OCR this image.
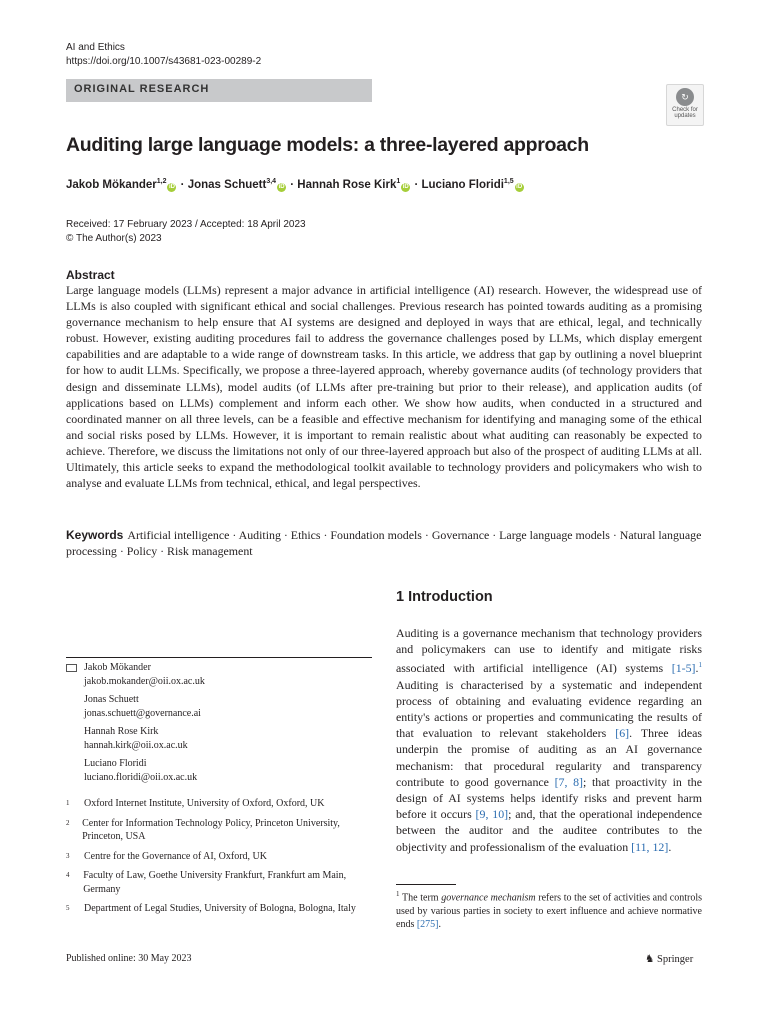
AI and Ethics
https://doi.org/10.1007/s43681-023-00289-2
ORIGINAL RESEARCH
↻
Check for
updates
Auditing large language models: a three-layered approach
Jakob Mökander$^{1,2}$iD · Jonas Schuett$^{3,4}$iD · Hannah Rose Kirk$^1$iD · Luciano Floridi$^{1,5}$iD
Received: 17 February 2023 / Accepted: 18 April 2023
© The Author(s) 2023
Abstract
Large language models (LLMs) represent a major advance in artificial intelligence (AI) research. However, the widespread use of LLMs is also coupled with significant ethical and social challenges. Previous research has pointed towards auditing as a promising governance mechanism to help ensure that AI systems are designed and deployed in ways that are ethical, legal, and technically robust. However, existing auditing procedures fail to address the governance challenges posed by LLMs, which display emergent capabilities and are adaptable to a wide range of downstream tasks. In this article, we address that gap by outlining a novel blueprint for how to audit LLMs. Specifically, we propose a three-layered approach, whereby governance audits (of technology providers that design and disseminate LLMs), model audits (of LLMs after pre-training but prior to their release), and application audits (of applications based on LLMs) complement and inform each other. We show how audits, when conducted in a structured and coordinated manner on all three levels, can be a feasible and effective mechanism for identifying and managing some of the ethical and social risks posed by LLMs. However, it is important to remain realistic about what auditing can reasonably be expected to achieve. Therefore, we discuss the limitations not only of our three-layered approach but also of the prospect of auditing LLMs at all. Ultimately, this article seeks to expand the methodological toolkit available to technology providers and policymakers who wish to analyse and evaluate LLMs from technical, ethical, and legal perspectives.
Keywords Artificial intelligence · Auditing · Ethics · Foundation models · Governance · Large language models · Natural language processing · Policy · Risk management
1 Introduction
Auditing is a governance mechanism that technology providers and policymakers can use to identify and mitigate risks associated with artificial intelligence (AI) systems [1-5].$^1$ Auditing is characterised by a systematic and independent process of obtaining and evaluating evidence regarding an entity's actions or properties and communicating the results of that evaluation to relevant stakeholders [6]. Three ideas underpin the promise of auditing as an AI governance mechanism: that procedural regularity and transparency contribute to good governance [7, 8]; that proactivity in the design of AI systems helps identify risks and prevent harm before it occurs [9, 10]; and, that the operational independence between the auditor and the auditee contributes to the objectivity and professionalism of the evaluation [11, 12].
Jakob Mökander
jakob.mokander@oii.ox.ac.uk
Jonas Schuett
jonas.schuett@governance.ai
Hannah Rose Kirk
hannah.kirk@oii.ox.ac.uk
Luciano Floridi
luciano.floridi@oii.ox.ac.uk
1	Oxford Internet Institute, University of Oxford, Oxford, UK
2	Center for Information Technology Policy, Princeton University, Princeton, USA
3	Centre for the Governance of AI, Oxford, UK
4	Faculty of Law, Goethe University Frankfurt, Frankfurt am Main, Germany
5	Department of Legal Studies, University of Bologna, Bologna, Italy
$^1$ The term governance mechanism refers to the set of activities and controls used by various parties in society to exert influence and achieve normative ends [275].
Published online: 30 May 2023	♞ Springer
